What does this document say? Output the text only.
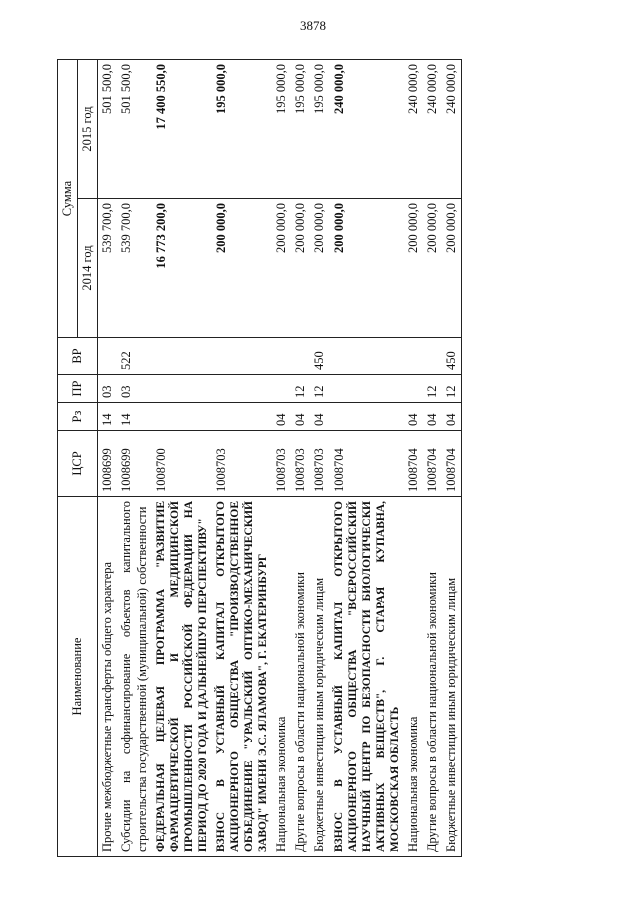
3878
Наименование	ЦСР	Рз	ПР	ВР	Сумма	
					2014 год	2015 год
Прочие межбюджетные трансферты общего характера	1008699	14	03		539 700,0	501 500,0
Субсидии на софинансирование объектов капитального строительства государственной (муниципальной) собственности	1008699	14	03	522	539 700,0	501 500,0
ФЕДЕРАЛЬНАЯ ЦЕЛЕВАЯ ПРОГРАММА "РАЗВИТИЕ ФАРМАЦЕВТИЧЕСКОЙ И МЕДИЦИНСКОЙ ПРОМЫШЛЕННОСТИ РОССИЙСКОЙ ФЕДЕРАЦИИ НА ПЕРИОД ДО 2020 ГОДА И ДАЛЬНЕЙШУЮ ПЕРСПЕКТИВУ"	1008700				16 773 200,0	17 400 550,0
ВЗНОС В УСТАВНЫЙ КАПИТАЛ ОТКРЫТОГО АКЦИОНЕРНОГО ОБЩЕСТВА "ПРОИЗВОДСТВЕННОЕ ОБЪЕДИНЕНИЕ "УРАЛЬСКИЙ ОПТИКО-МЕХАНИЧЕСКИЙ ЗАВОД" ИМЕНИ Э.С. ЯЛАМОВА", Г. ЕКАТЕРИНБУРГ	1008703				200 000,0	195 000,0
Национальная экономика	1008703	04			200 000,0	195 000,0
Другие вопросы в области национальной экономики	1008703	04	12		200 000,0	195 000,0
Бюджетные инвестиции иным юридическим лицам	1008703	04	12	450	200 000,0	195 000,0
ВЗНОС В УСТАВНЫЙ КАПИТАЛ ОТКРЫТОГО АКЦИОНЕРНОГО ОБЩЕСТВА "ВСЕРОССИЙСКИЙ НАУЧНЫЙ ЦЕНТР ПО БЕЗОПАСНОСТИ БИОЛОГИЧЕСКИ АКТИВНЫХ ВЕЩЕСТВ", Г. СТАРАЯ КУПАВНА, МОСКОВСКАЯ ОБЛАСТЬ	1008704				200 000,0	240 000,0
Национальная экономика	1008704	04			200 000,0	240 000,0
Другие вопросы в области национальной экономики	1008704	04	12		200 000,0	240 000,0
Бюджетные инвестиции иным юридическим лицам	1008704	04	12	450	200 000,0	240 000,0
